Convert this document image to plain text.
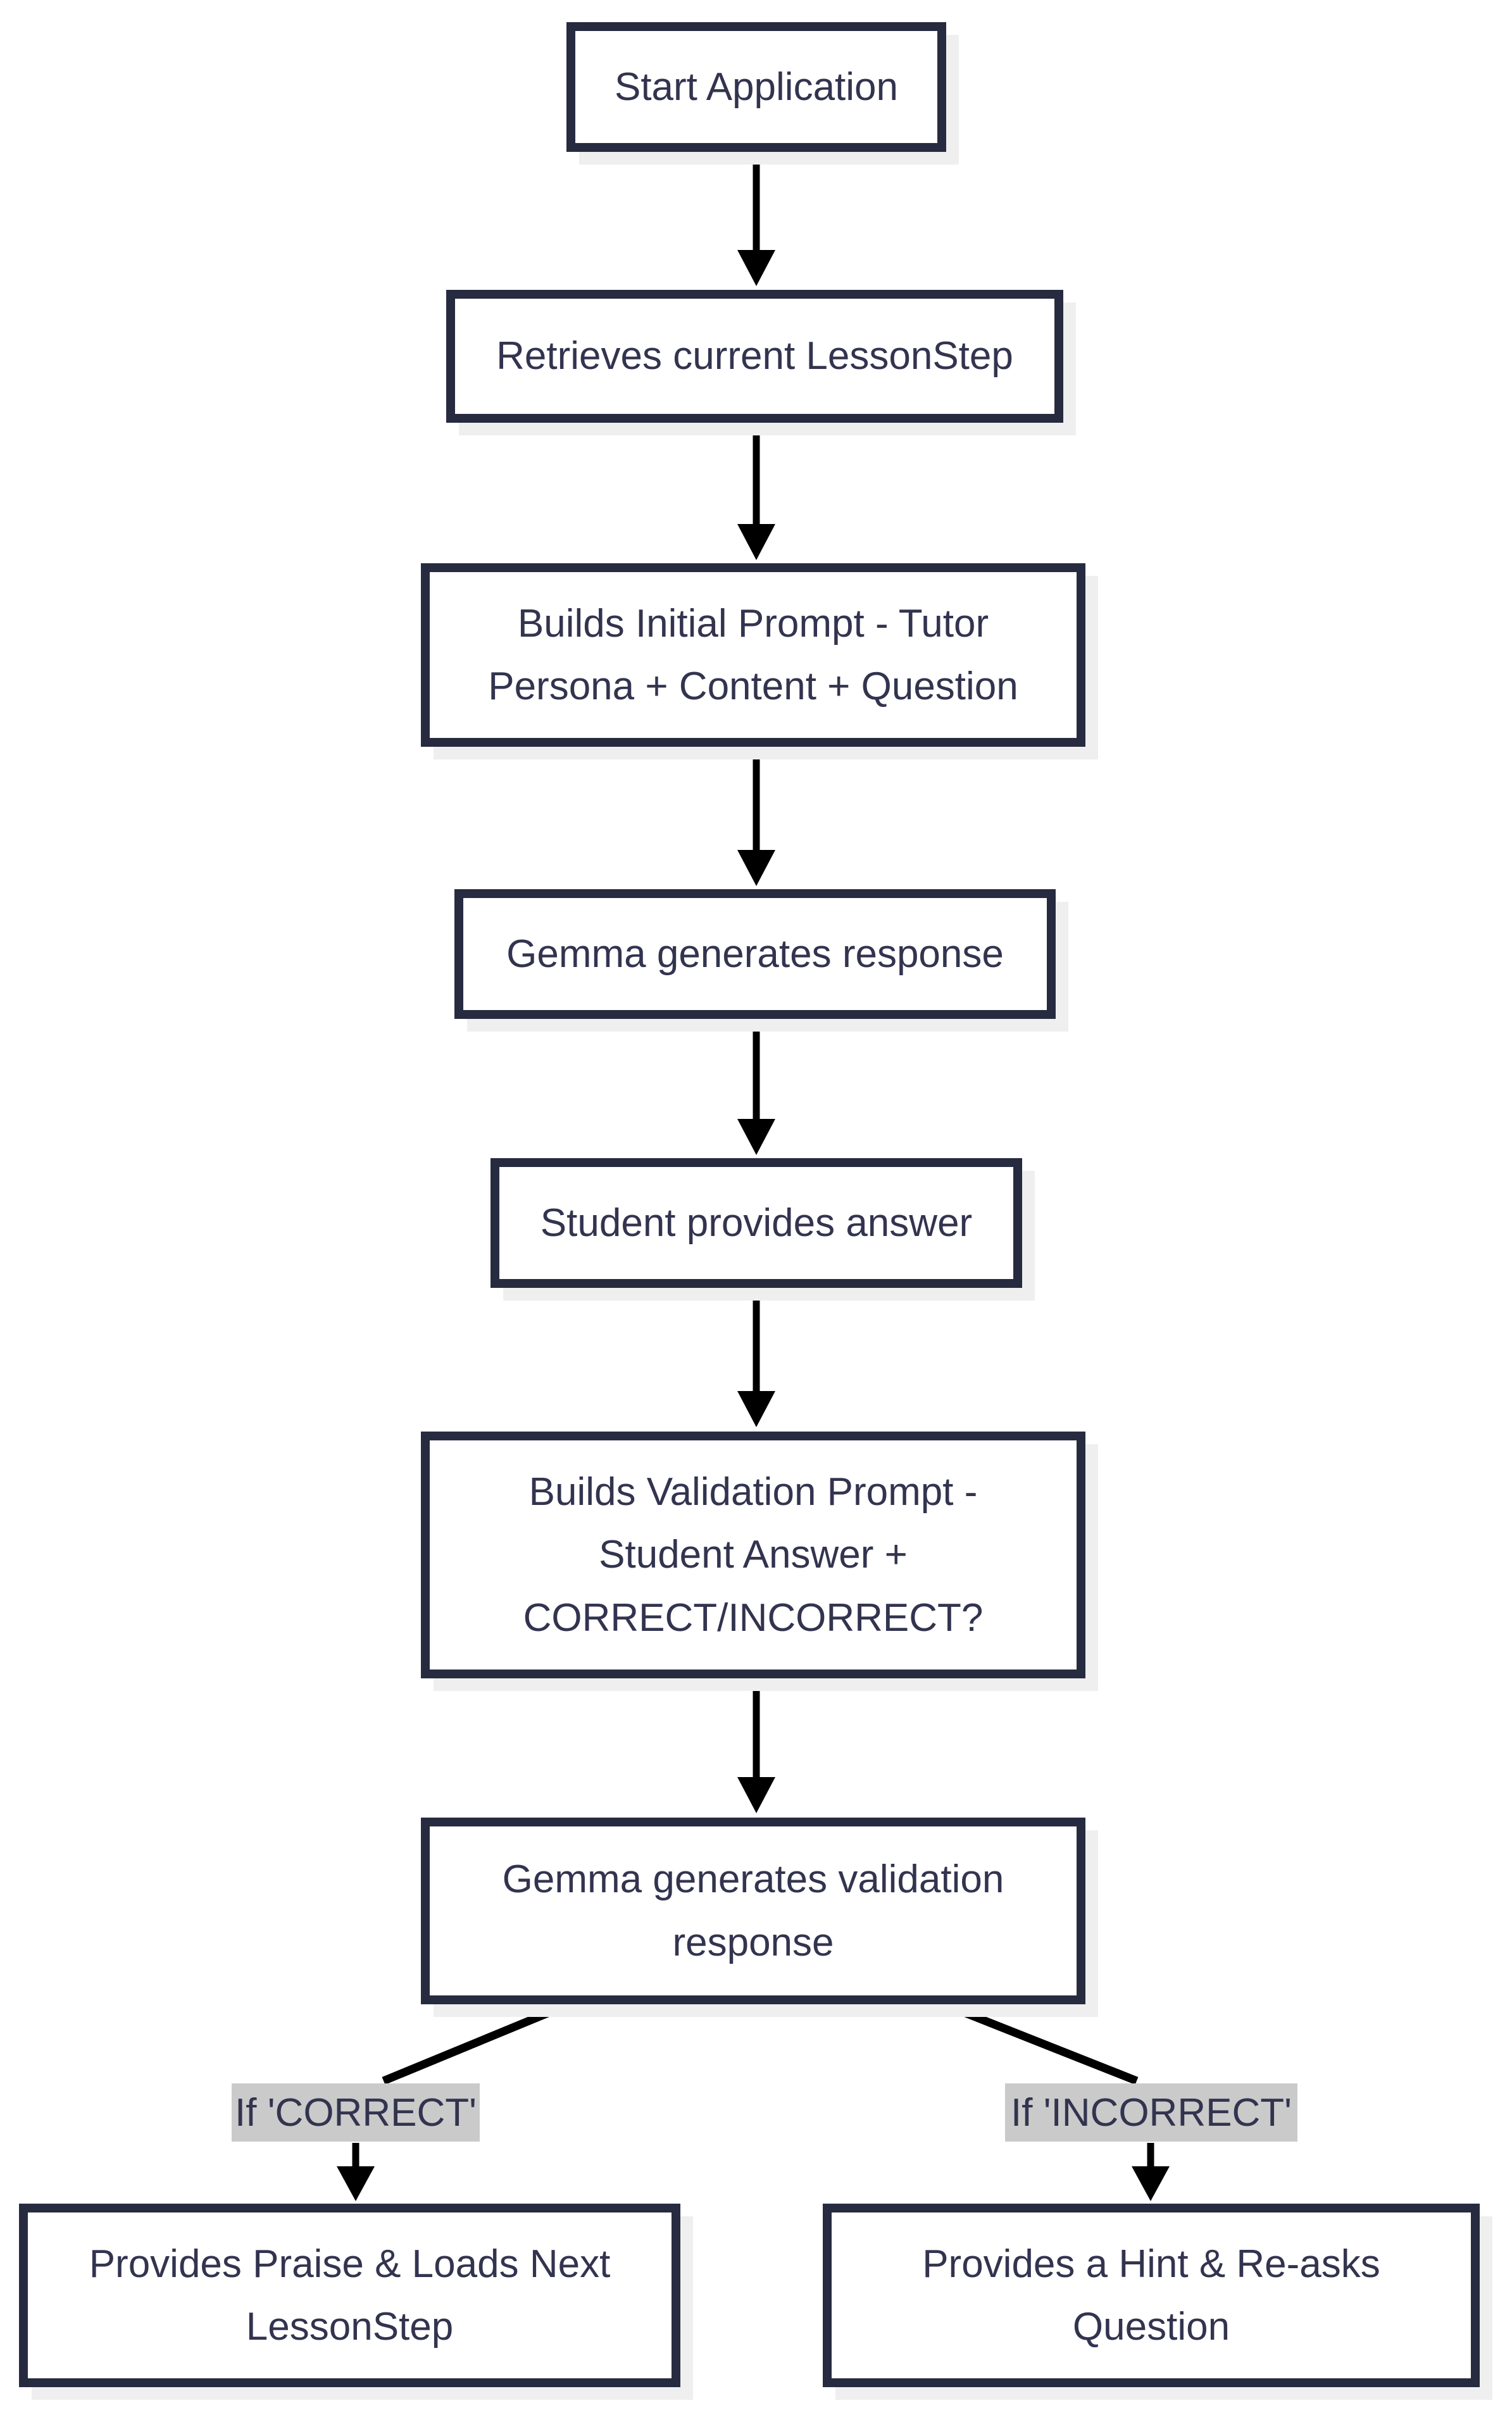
Start Application
Retrieves current LessonStep
Builds Initial Prompt - Tutor
Persona + Content + Question
Gemma generates response
Student provides answer
Builds Validation Prompt -
Student Answer +
CORRECT/INCORRECT?
Gemma generates validation
response
If 'CORRECT'	If 'INCORRECT'
Provides Praise & Loads Next
LessonStep
Provides a Hint & Re-asks
Question
